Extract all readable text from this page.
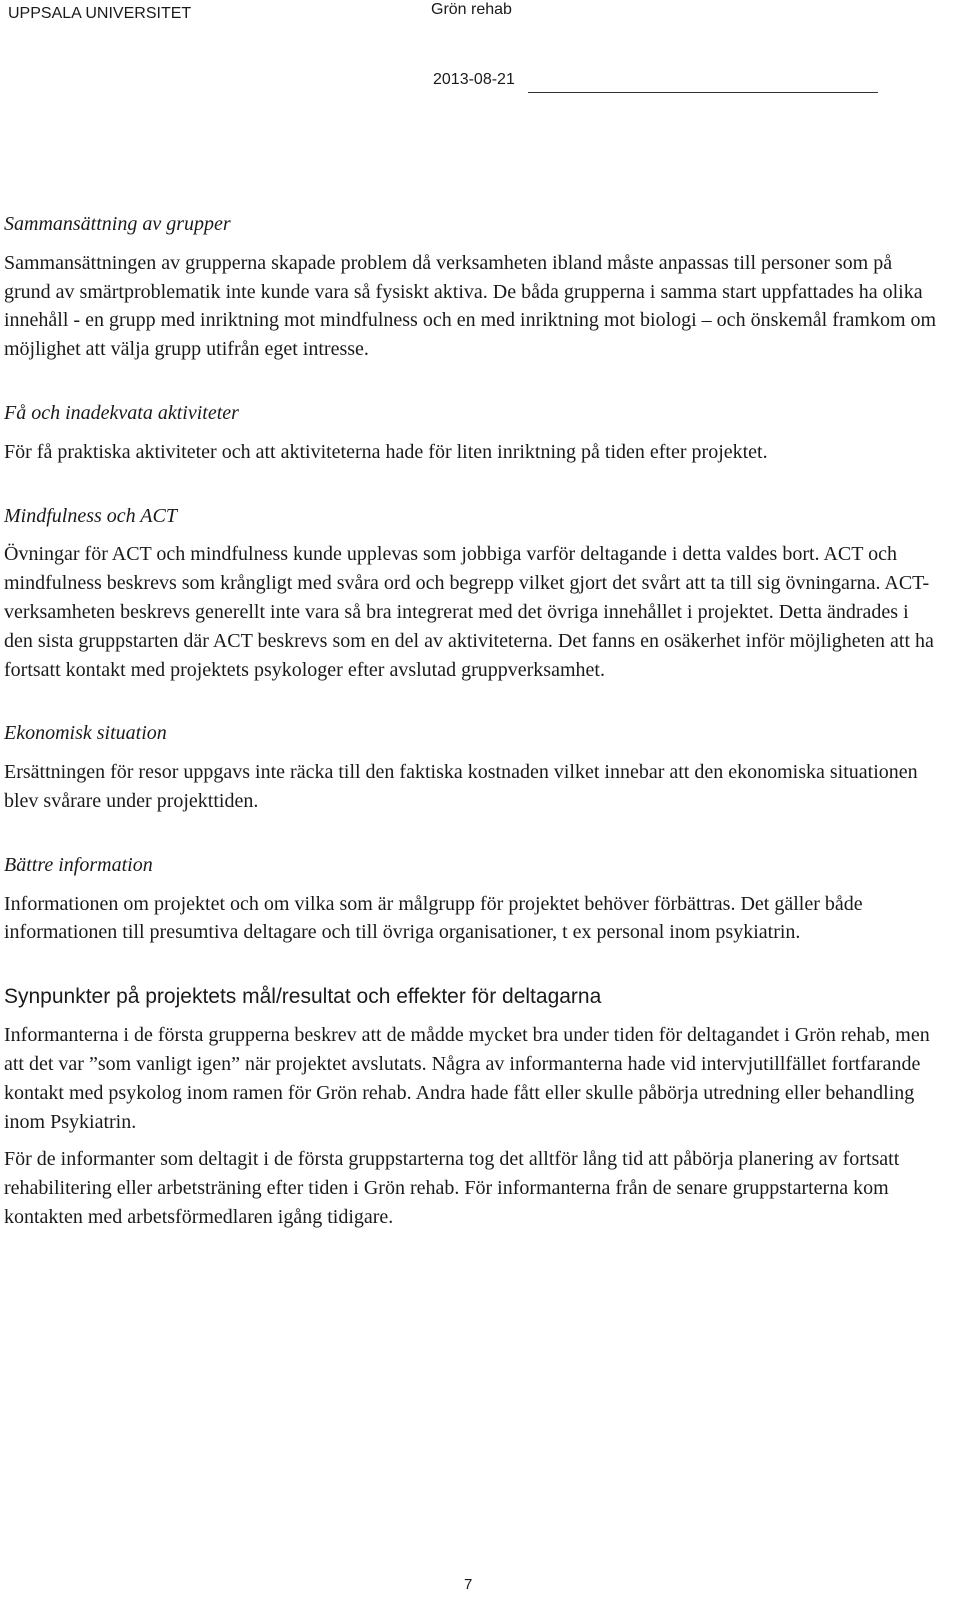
UPPSALA UNIVERSITET	Grön rehab
2013-08-21

Sammansättning av grupper

Sammansättningen av grupperna skapade problem då verksamheten ibland måste anpassas till personer som på grund av smärtproblematik inte kunde vara så fysiskt aktiva. De båda grupperna i samma start uppfattades ha olika innehåll - en grupp med inriktning mot mindfulness och en med inriktning mot biologi – och önskemål framkom om möjlighet att välja grupp utifrån eget intresse.

Få och inadekvata aktiviteter

För få praktiska aktiviteter och att aktiviteterna hade för liten inriktning på tiden efter projektet.

Mindfulness och ACT

Övningar för ACT och mindfulness kunde upplevas som jobbiga varför deltagande i detta valdes bort. ACT och mindfulness beskrevs som krångligt med svåra ord och begrepp vilket gjort det svårt att ta till sig övningarna. ACT-verksamheten beskrevs generellt inte vara så bra integrerat med det övriga innehållet i projektet. Detta ändrades i den sista gruppstarten där ACT beskrevs som en del av aktiviteterna. Det fanns en osäkerhet inför möjligheten att ha fortsatt kontakt med projektets psykologer efter avslutad gruppverksamhet.

Ekonomisk situation

Ersättningen för resor uppgavs inte räcka till den faktiska kostnaden vilket innebar att den ekonomiska situationen blev svårare under projekttiden.

Bättre information

Informationen om projektet och om vilka som är målgrupp för projektet behöver förbättras. Det gäller både informationen till presumtiva deltagare och till övriga organisationer, t ex personal inom psykiatrin.

Synpunkter på projektets mål/resultat och effekter för deltagarna

Informanterna i de första grupperna beskrev att de mådde mycket bra under tiden för deltagandet i Grön rehab, men att det var ”som vanligt igen” när projektet avslutats. Några av informanterna hade vid intervjutillfället fortfarande kontakt med psykolog inom ramen för Grön rehab. Andra hade fått eller skulle påbörja utredning eller behandling inom Psykiatrin.

För de informanter som deltagit i de första gruppstarterna tog det alltför lång tid att påbörja planering av fortsatt rehabilitering eller arbetsträning efter tiden i Grön rehab. För informanterna från de senare gruppstarterna kom kontakten med arbetsförmedlaren igång tidigare.

7
